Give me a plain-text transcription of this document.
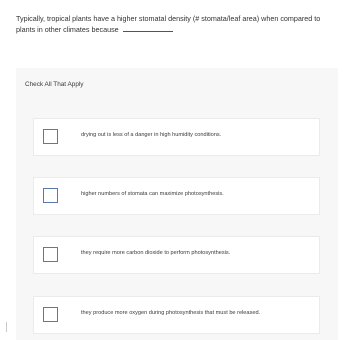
Typically, tropical plants have a higher stomatal density (# stomata/leaf area) when compared to plants in other climates because
Check All That Apply
drying out is less of a danger in high humidity conditions.
higher numbers of stomata can maximize photosynthesis.
they require more carbon dioxide to perform photosynthesis.
they produce more oxygen during photosynthesis that must be released.
